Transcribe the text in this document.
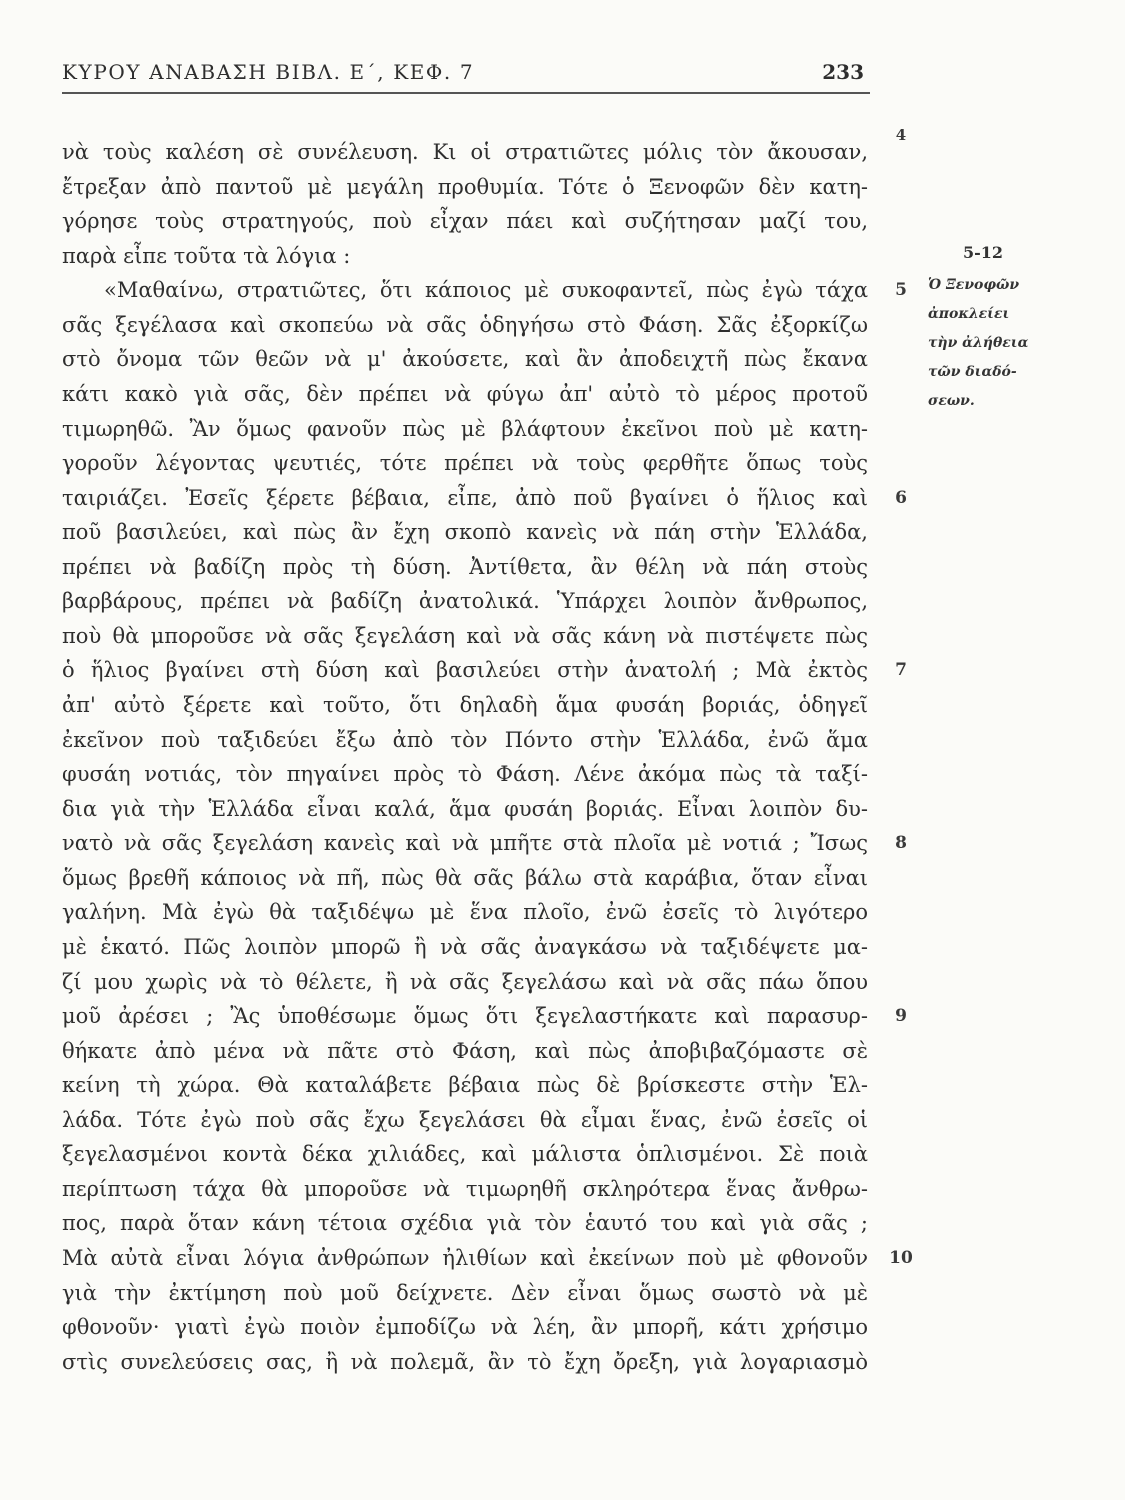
ΚΥΡΟΥ ΑΝΑΒΑΣΗ ΒΙΒΛ. Ε΄, ΚΕΦ. 7	233
νὰ τοὺς καλέση σὲ συνέλευση. Κι οἱ στρατιῶτες μόλις τὸν ἄκουσαν,
4
ἔτρεξαν ἀπὸ παντοῦ μὲ μεγάλη προθυμία. Τότε ὁ Ξενοφῶν δὲν κατη-
γόρησε τοὺς στρατηγούς, ποὺ εἶχαν πάει καὶ συζήτησαν μαζί του,
παρὰ εἶπε τοῦτα τὰ λόγια :
«Μαθαίνω, στρατιῶτες, ὅτι κάποιος μὲ συκοφαντεῖ, πὼς ἐγὼ τάχα	5
σᾶς ξεγέλασα καὶ σκοπεύω νὰ σᾶς ὁδηγήσω στὸ Φάση. Σᾶς ἐξορκίζω
στὸ ὄνομα τῶν θεῶν νὰ μ' ἀκούσετε, καὶ ἂν ἀποδειχτῆ πὼς ἔκανα
κάτι κακὸ γιὰ σᾶς, δὲν πρέπει νὰ φύγω ἀπ' αὐτὸ τὸ μέρος προτοῦ
τιμωρηθῶ. Ἂν ὅμως φανοῦν πὼς μὲ βλάφτουν ἐκεῖνοι ποὺ μὲ κατη-
γοροῦν λέγοντας ψευτιές, τότε πρέπει νὰ τοὺς φερθῆτε ὅπως τοὺς
ταιριάζει. Ἐσεῖς ξέρετε βέβαια, εἶπε, ἀπὸ ποῦ βγαίνει ὁ ἥλιος καὶ	6
ποῦ βασιλεύει, καὶ πὼς ἂν ἔχη σκοπὸ κανεὶς νὰ πάη στὴν Ἑλλάδα,
πρέπει νὰ βαδίζη πρὸς τὴ δύση. Ἀντίθετα, ἂν θέλη νὰ πάη στοὺς
βαρβάρους, πρέπει νὰ βαδίζη ἀνατολικά. Ὑπάρχει λοιπὸν ἄνθρωπος,
ποὺ θὰ μποροῦσε νὰ σᾶς ξεγελάση καὶ νὰ σᾶς κάνη νὰ πιστέψετε πὼς
ὁ ἥλιος βγαίνει στὴ δύση καὶ βασιλεύει στὴν ἀνατολή ; Μὰ ἐκτὸς	7
ἀπ' αὐτὸ ξέρετε καὶ τοῦτο, ὅτι δηλαδὴ ἅμα φυσάη βοριάς, ὁδηγεῖ
ἐκεῖνον ποὺ ταξιδεύει ἔξω ἀπὸ τὸν Πόντο στὴν Ἑλλάδα, ἐνῶ ἅμα
φυσάη νοτιάς, τὸν πηγαίνει πρὸς τὸ Φάση. Λένε ἀκόμα πὼς τὰ ταξί-
δια γιὰ τὴν Ἑλλάδα εἶναι καλά, ἅμα φυσάη βοριάς. Εἶναι λοιπὸν δυ-
νατὸ νὰ σᾶς ξεγελάση κανεὶς καὶ νὰ μπῆτε στὰ πλοῖα μὲ νοτιά ; Ἴσως	8
ὅμως βρεθῆ κάποιος νὰ πῆ, πὼς θὰ σᾶς βάλω στὰ καράβια, ὅταν εἶναι
γαλήνη. Μὰ ἐγὼ θὰ ταξιδέψω μὲ ἕνα πλοῖο, ἐνῶ ἐσεῖς τὸ λιγότερο
μὲ ἑκατό. Πῶς λοιπὸν μπορῶ ἢ νὰ σᾶς ἀναγκάσω νὰ ταξιδέψετε μα-
ζί μου χωρὶς νὰ τὸ θέλετε, ἢ νὰ σᾶς ξεγελάσω καὶ νὰ σᾶς πάω ὅπου
μοῦ ἀρέσει ; Ἂς ὑποθέσωμε ὅμως ὅτι ξεγελαστήκατε καὶ παρασυρ-	9
θήκατε ἀπὸ μένα νὰ πᾶτε στὸ Φάση, καὶ πὼς ἀποβιβαζόμαστε σὲ
κείνη τὴ χώρα. Θὰ καταλάβετε βέβαια πὼς δὲ βρίσκεστε στὴν Ἑλ-
λάδα. Τότε ἐγὼ ποὺ σᾶς ἔχω ξεγελάσει θὰ εἶμαι ἕνας, ἐνῶ ἐσεῖς οἱ
ξεγελασμένοι κοντὰ δέκα χιλιάδες, καὶ μάλιστα ὁπλισμένοι. Σὲ ποιὰ
περίπτωση τάχα θὰ μποροῦσε νὰ τιμωρηθῆ σκληρότερα ἕνας ἄνθρω-
πος, παρὰ ὅταν κάνη τέτοια σχέδια γιὰ τὸν ἑαυτό του καὶ γιὰ σᾶς ;
Μὰ αὐτὰ εἶναι λόγια ἀνθρώπων ἠλιθίων καὶ ἐκείνων ποὺ μὲ φθονοῦν	10
γιὰ τὴν ἐκτίμηση ποὺ μοῦ δείχνετε. Δὲν εἶναι ὅμως σωστὸ νὰ μὲ
φθονοῦν· γιατὶ ἐγὼ ποιὸν ἐμποδίζω νὰ λέη, ἂν μπορῆ, κάτι χρήσιμο
στὶς συνελεύσεις σας, ἢ νὰ πολεμᾶ, ἂν τὸ ἔχη ὄρεξη, γιὰ λογαριασμὸ
5-12
Ὁ Ξενοφῶν
ἀποκλείει
τὴν ἀλήθεια
τῶν διαδό-
σεων.
